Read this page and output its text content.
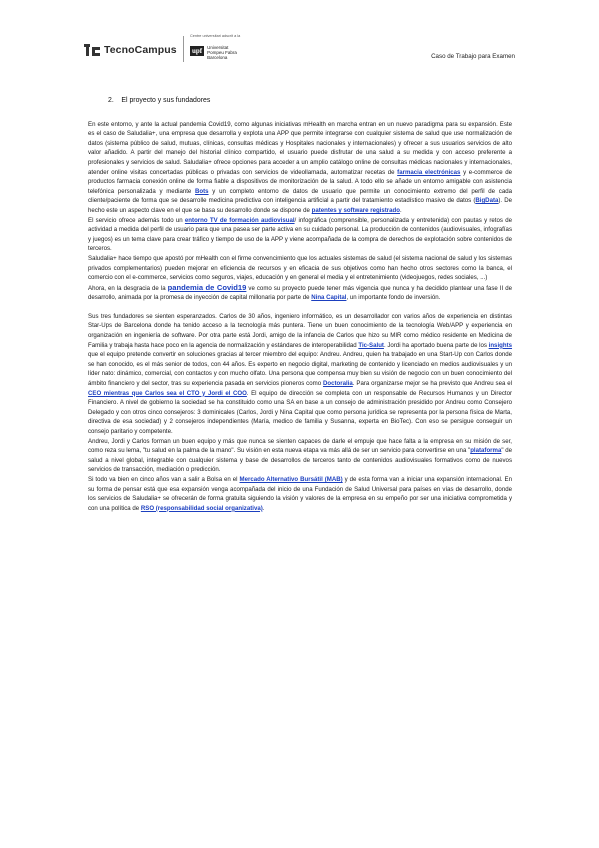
TecnoCampus
Centre universitari adscrit a la
upf	Universitat
Pompeu Fabra
Barcelona	Caso de Trabajo para Examen
2. El proyecto y sus fundadores

En este entorno, y ante la actual pandemia Covid19, como algunas iniciativas mHealth en marcha entran en un nuevo paradigma para su expansión. Este es el caso de Saludalia+, una empresa que desarrolla y explota una APP que permite integrarse con cualquier sistema de salud que use normalización de datos (sistema público de salud, mutuas, clínicas, consultas médicas y Hospitales nacionales y internacionales) y ofrecer a sus usuarios servicios de alto valor añadido. A partir del manejo del historial clínico compartido, el usuario puede disfrutar de una salud a su medida y con acceso preferente a profesionales y servicios de salud. Saludalia+ ofrece opciones para acceder a un amplio catálogo online de consultas médicas nacionales y internacionales, atender online visitas concertadas públicas o privadas con servicios de videollamada, automatizar recetas de farmacia electrónicas y e-commerce de productos farmacia conexión online de forma fiable a dispositivos de monitorización de la salud. A todo ello se añade un entorno amigable con asistencia telefónica personalizada y mediante Bots y un completo entorno de datos de usuario que permite un conocimiento extremo del perfil de cada cliente/paciente de forma que se desarrolle medicina predictiva con inteligencia artificial a partir del tratamiento estadístico masivo de datos (BigData). De hecho este un aspecto clave en el que se basa su desarrollo donde se dispone de patentes y software registrado.

El servicio ofrece además todo un entorno TV de formación audiovisual/ infográfica (comprensible, personalizada y entretenida) con pautas y retos de actividad a medida del perfil de usuario para que una pasea ser parte activa en su cuidado personal. La producción de contenidos (audiovisuales, infografías y juegos) es un tema clave para crear tráfico y tiempo de uso de la APP y viene acompañada de la compra de derechos de explotación sobre contenidos de terceros.

Saludalia+ hace tiempo que apostó por mHealth con el firme convencimiento que los actuales sistemas de salud (el sistema nacional de salud y los sistemas privados complementarios) pueden mejorar en eficiencia de recursos y en eficacia de sus objetivos como han hecho otros sectores como la banca, el comercio con el e-commerce, servicios como seguros, viajes, educación y en general el media y el entretenimiento (videojuegos, redes sociales, ...)

Ahora, en la desgracia de la pandemia de Covid19 ve como su proyecto puede tener más vigencia que nunca y ha decidido plantear una fase II de desarrollo, animada por la promesa de inyección de capital millonaria por parte de Nina Capital, un importante fondo de inversión.

Sus tres fundadores se sienten esperanzados. Carlos de 30 años, ingeniero informático, es un desarrollador con varios años de experiencia en distintas Star-Ups de Barcelona donde ha tenido acceso a la tecnología más puntera. Tiene un buen conocimiento de la tecnología Web/APP y experiencia en organización en ingeniería de software. Por otra parte está Jordi, amigo de la infancia de Carlos que hizo su MIR como médico residente en Medicina de Familia y trabaja hasta hace poco en la agencia de normalización y estándares de interoperabilidad Tic-Salut. Jordi ha aportado buena parte de los insights que el equipo pretende convertir en soluciones gracias al tercer miembro del equipo: Andreu. Andreu, quien ha trabajado en una Start-Up con Carlos donde se han conocido, es el más senior de todos, con 44 años. Es experto en negocio digital, marketing de contenido y licenciado en medios audiovisuales y un líder nato: dinámico, comercial, con contactos y con mucho olfato. Una persona que compensa muy bien su visión de negocio con un buen conocimiento del ámbito financiero y del sector, tras su experiencia pasada en servicios pioneros como Doctoralia. Para organizarse mejor se ha previsto que Andreu sea el CEO mientras que Carlos sea el CTO y Jordi el COO. El equipo de dirección se completa con un responsable de Recursos Humanos y un Director Financiero. A nivel de gobierno la sociedad se ha constituido como una SA en base a un consejo de administración presidido por Andreu como Consejero Delegado y con otros cinco consejeros: 3 dominicales (Carlos, Jordi y Nina Capital que como persona jurídica se representa por la persona física de Marta, directiva de esa sociedad) y 2 consejeros independientes (María, medico de familia y Susanna, experta en BioTec). Con eso se persigue conseguir un consejo paritario y competente.

Andreu, Jordi y Carlos forman un buen equipo y más que nunca se sienten capaces de darle el empuje que hace falta a la empresa en su misión de ser, como reza su lema, "tu salud en la palma de la mano". Su visión en esta nueva etapa va más allá de ser un servicio para convertirse en una "plataforma" de salud a nivel global, integrable con cualquier sistema y base de desarrollos de terceros tanto de contenidos audiovisuales formativos como de nuevos servicios de transacción, mediación o predicción.

Si todo va bien en cinco años van a salir a Bolsa en el Mercado Alternativo Bursátil (MAB) y de esta forma van a iniciar una expansión internacional. En su forma de pensar está que esa expansión venga acompañada del inicio de una Fundación de Salud Universal para países en vías de desarrollo, donde los servicios de Saludalia+ se ofrecerán de forma gratuita siguiendo la visión y valores de la empresa en su empeño por ser una iniciativa comprometida y con una política de RSO (responsabilidad social organizativa).
